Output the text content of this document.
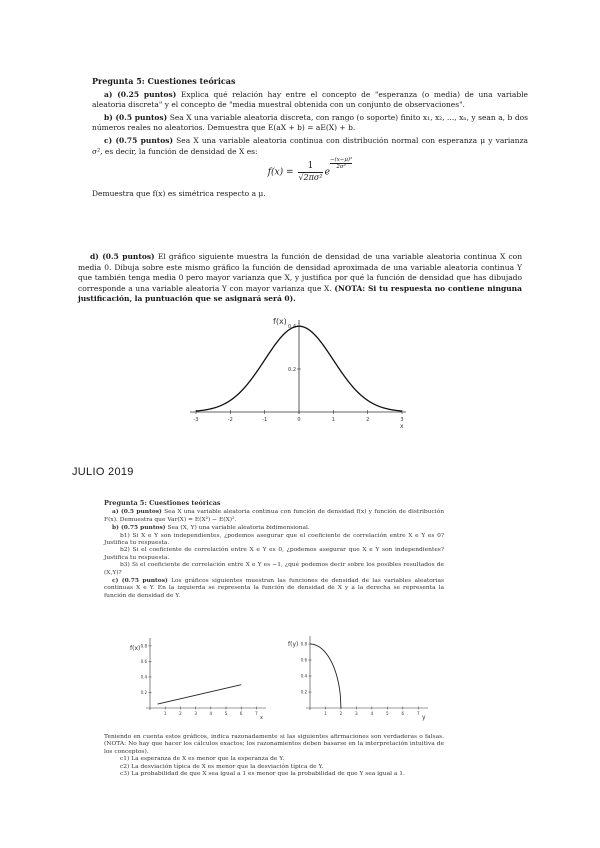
Pregunta 5: Cuestiones teóricas

a) (0.25 puntos) Explica qué relación hay entre el concepto de "esperanza (o media) de una variable aleatoria discreta" y el concepto de "media muestral obtenida con un conjunto de observaciones".

b) (0.5 puntos) Sea X una variable aleatoria discreta, con rango (o soporte) finito x₁, x₂, ..., xₙ, y sean a, b dos números reales no aleatorios. Demuestra que E(aX + b) = aE(X) + b.

c) (0.75 puntos) Sea X una variable aleatoria continua con distribución normal con esperanza μ y varianza σ², es decir, la función de densidad de X es:

$f(x) = \frac{1}{\text{√2πσ²}}$ e
$\frac{\text{−(x−μ)²}}{\text{2σ²}}$

Demuestra que f(x) es simétrica respecto a μ.

d) (0.5 puntos) El gráfico siguiente muestra la función de densidad de una variable aleatoria continua X con media 0. Dibuja sobre este mismo gráfico la función de densidad aproximada de una variable aleatoria continua Y que también tenga media 0 pero mayor varianza que X, y justifica por qué la función de densidad que has dibujado corresponde a una variable aleatoria Y con mayor varianza que X. (NOTA: Si tu respuesta no contiene ninguna justificación, la puntuación que se asignará será 0).
-3	-2	-1	0	1	2	3
0.2
0.4
f(x)
x
JULIO 2019
Pregunta 5: Cuestiones teóricas

a) (0.5 puntos) Sea X una variable aleatoria continua con función de densidad f(x) y función de distribución F(x). Demuestra que Var(X) = E(X²) − E(X)².

b) (0.75 puntos) Sea (X, Y) una variable aleatoria bidimensional.

b1) Si X e Y son independientes, ¿podemos asegurar que el coeficiente de correlación entre X e Y es 0? Justifica tu respuesta.

b2) Si el coeficiente de correlación entre X e Y es 0, ¿podemos asegurar que X e Y son independientes? Justifica tu respuesta.

b3) Si el coeficiente de correlación entre X e Y es −1, ¿qué podemos decir sobre los posibles resultados de (X,Y)?

c) (0.75 puntos) Los gráficos siguientes muestran las funciones de densidad de las variables aleatorias continuas X e Y. En la izquierda se representa la función de densidad de X y a la derecha se representa la función de densidad de Y.

1	2	3	4	5	6	7
0.2
0.4
0.6
0.8
f(x)
x
1	2	3	4	5	6	7
0.2
0.4
0.6
0.8
f(y)
y

Teniendo en cuenta estos gráficos, indica razonadamente si las siguientes afirmaciones son verdaderas o falsas. (NOTA: No hay que hacer los cálculos exactos; los razonamientos deben basarse en la interpretación intuitiva de los conceptos).

c1) La esperanza de X es menor que la esperanza de Y.

c2) La desviación típica de X es menor que la desviación típica de Y.

c3) La probabilidad de que X sea igual a 1 es menor que la probabilidad de que Y sea igual a 1.
